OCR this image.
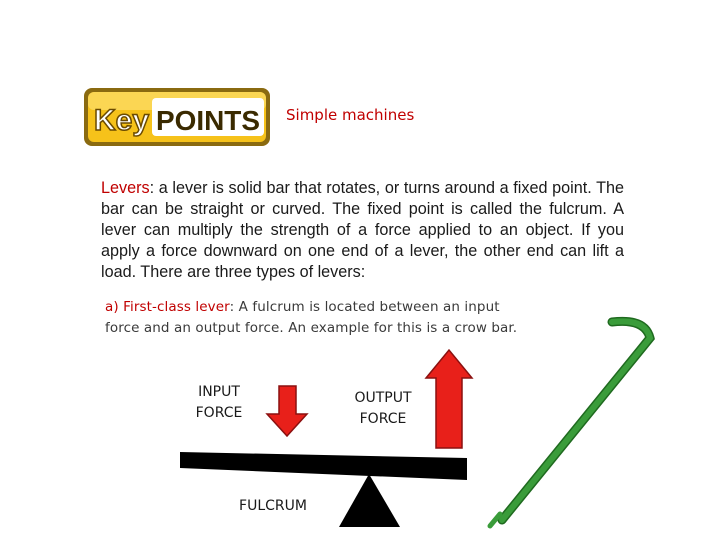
Key POINTS Simple machines

Levers: a lever is solid bar that rotates, or turns around a fixed point. The bar can be straight or curved. The fixed point is called the fulcrum. A lever can multiply the strength of a force applied to an object. If you apply a force downward on one end of a lever, the other end can lift a load. There are three types of levers:

a) First-class lever: A fulcrum is located between an input force and an output force. An example for this is a crow bar.

INPUT
FORCE
OUTPUT
FORCE
FULCRUM
